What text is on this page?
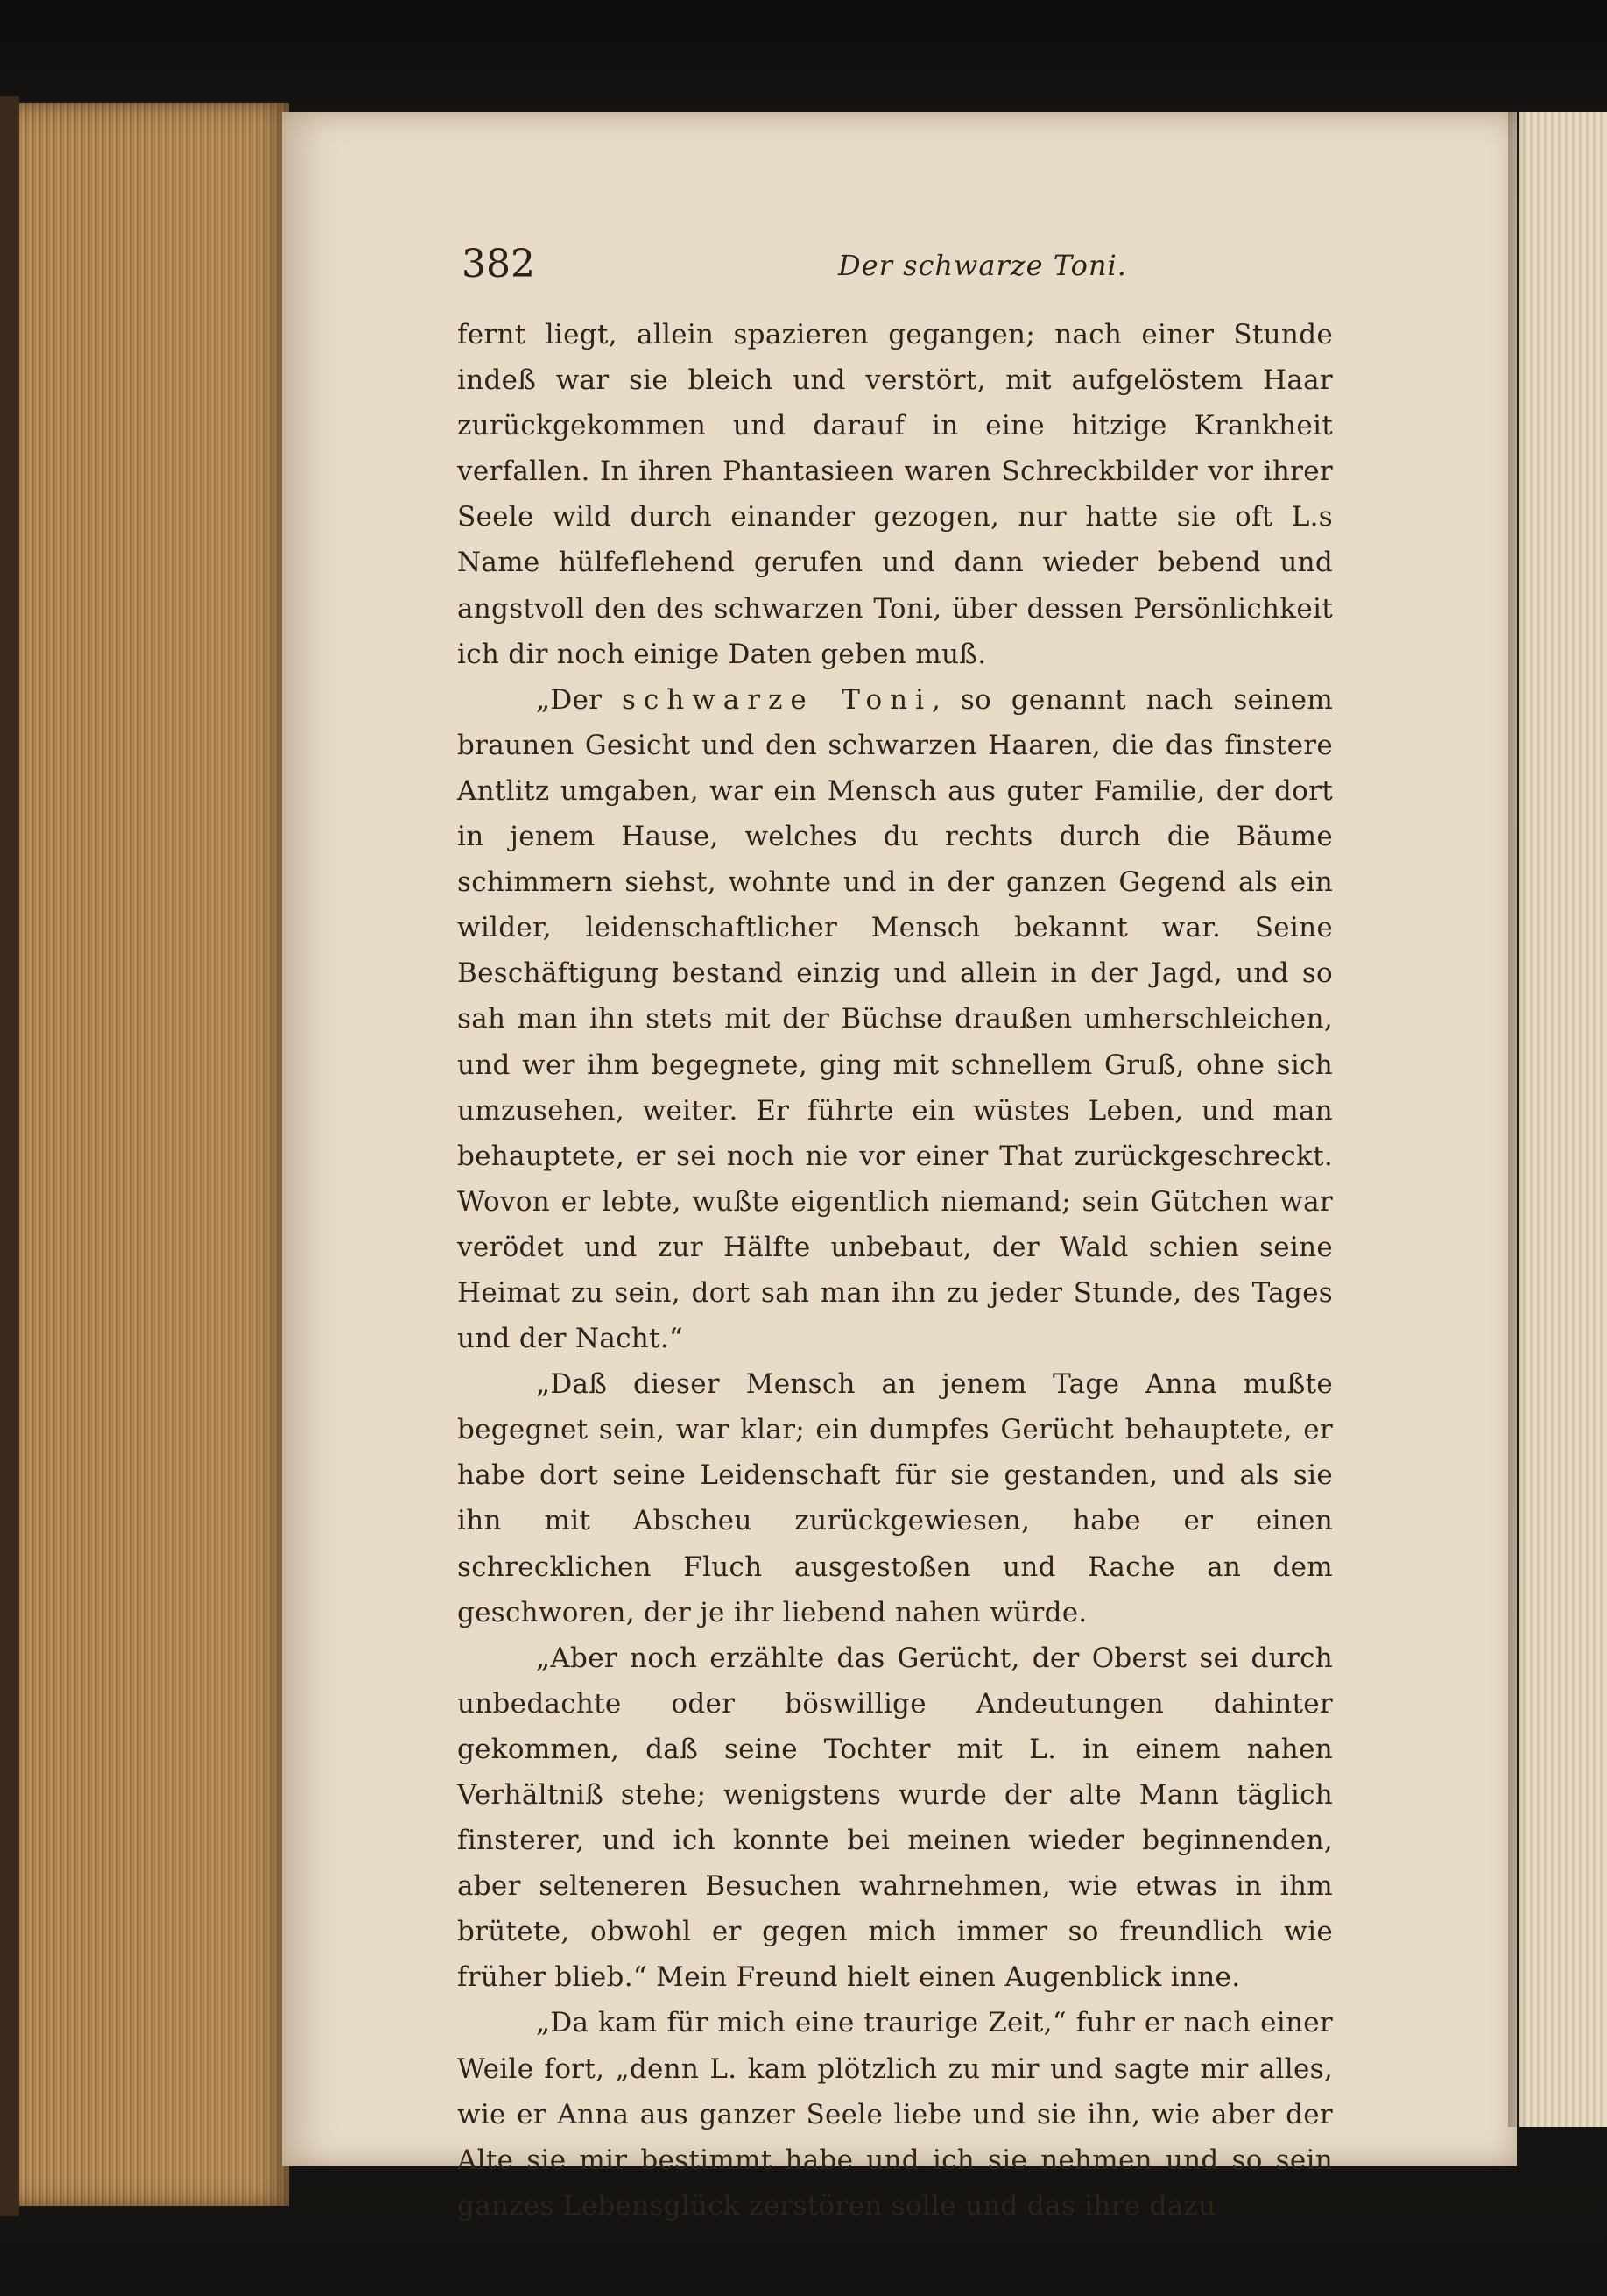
382	Der schwarze Toni.

fernt liegt, allein spazieren gegangen; nach einer Stunde indeß war sie bleich und verstört, mit aufgelöstem Haar zurückgekommen und darauf in eine hitzige Krankheit verfallen. In ihren Phantasieen waren Schreckbilder vor ihrer Seele wild durch einander gezogen, nur hatte sie oft L.s Name hülfeflehend gerufen und dann wieder bebend und angstvoll den des schwarzen Toni, über dessen Persönlichkeit ich dir noch einige Daten geben muß.

„Der schwarze Toni, so genannt nach seinem braunen Gesicht und den schwarzen Haaren, die das finstere Antlitz umgaben, war ein Mensch aus guter Familie, der dort in jenem Hause, welches du rechts durch die Bäume schimmern siehst, wohnte und in der ganzen Gegend als ein wilder, leidenschaftlicher Mensch bekannt war. Seine Beschäftigung bestand einzig und allein in der Jagd, und so sah man ihn stets mit der Büchse draußen umherschleichen, und wer ihm begegnete, ging mit schnellem Gruß, ohne sich umzusehen, weiter. Er führte ein wüstes Leben, und man behauptete, er sei noch nie vor einer That zurückgeschreckt. Wovon er lebte, wußte eigentlich niemand; sein Gütchen war verödet und zur Hälfte unbebaut, der Wald schien seine Heimat zu sein, dort sah man ihn zu jeder Stunde, des Tages und der Nacht.“

„Daß dieser Mensch an jenem Tage Anna mußte begegnet sein, war klar; ein dumpfes Gerücht behauptete, er habe dort seine Leidenschaft für sie gestanden, und als sie ihn mit Abscheu zurückgewiesen, habe er einen schrecklichen Fluch ausgestoßen und Rache an dem geschworen, der je ihr liebend nahen würde.

„Aber noch erzählte das Gerücht, der Oberst sei durch unbedachte oder böswillige Andeutungen dahinter gekommen, daß seine Tochter mit L. in einem nahen Verhältniß stehe; wenigstens wurde der alte Mann täglich finsterer, und ich konnte bei meinen wieder beginnenden, aber selteneren Besuchen wahrnehmen, wie etwas in ihm brütete, obwohl er gegen mich immer so freundlich wie früher blieb.“ Mein Freund hielt einen Augenblick inne.

„Da kam für mich eine traurige Zeit,“ fuhr er nach einer Weile fort, „denn L. kam plötzlich zu mir und sagte mir alles, wie er Anna aus ganzer Seele liebe und sie ihn, wie aber der Alte sie mir bestimmt habe und ich sie nehmen und so sein ganzes Lebensglück zerstören solle und das ihre dazu
